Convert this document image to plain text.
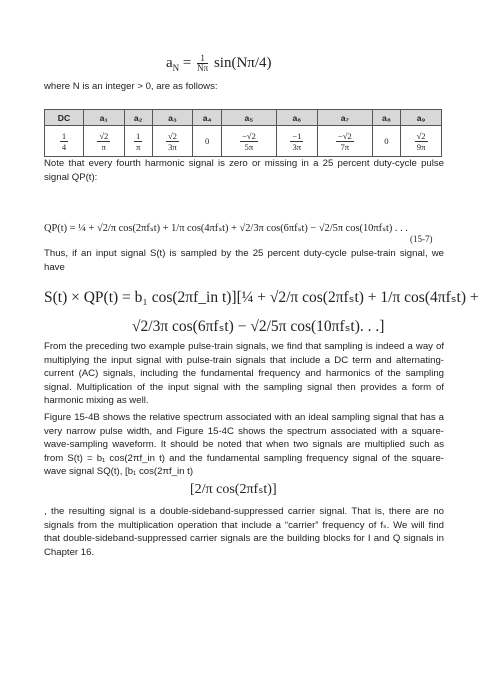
$a_N = \frac{1}{N\pi} \sin(N\pi/4)$
where N is an integer > 0, are as follows:
DC	a₁	a₂	a₃	a₄	a₅	a₆	a₇	a₈	a₉

$\frac{1}{4}$	$\frac{√2}{\pi}$	$\frac{1}{\pi}$	$\frac{√2}{3\pi}$	0	$\frac{-√2}{5\pi}$	$\frac{-1}{3\pi}$	$\frac{-√2}{7\pi}$	0	$\frac{√2}{9\pi}$
Note that every fourth harmonic signal is zero or missing in a 25 percent duty-cycle pulse signal QP(t):
QP(t) = ¼ + √2/π cos(2πfₛt) + 1/π cos(4πfₛt) + √2/3π cos(6πfₛt) − √2/5π cos(10πfₛt) . . .
(15-7)
Thus, if an input signal S(t) is sampled by the 25 percent duty-cycle pulse-train signal, we have
S(t) × QP(t) = b₁ cos(2πf_in t)][¼ + √2/π cos(2πfₛt) + 1/π cos(4πfₛt) +
√2/3π cos(6πfₛt) − √2/5π cos(10πfₛt). . .]
From the preceding two example pulse-train signals, we find that sampling is indeed a way of multiplying the input signal with pulse-train signals that include a DC term and alternating-current (AC) signals, including the fundamental frequency and harmonics of the sampling signal. Multiplication of the input signal with the sampling signal then provides a form of harmonic mixing as well.
Figure 15-4B shows the relative spectrum associated with an ideal sampling signal that has a very narrow pulse width, and Figure 15-4C shows the spectrum associated with a square-wave-sampling waveform. It should be noted that when two signals are multiplied such as from S(t) = b₁ cos(2πf_in t) and the fundamental sampling frequency signal of the square-wave signal SQ(t), [b₁ cos(2πf_in t)
[2/π cos(2πfₛt)]
, the resulting signal is a double-sideband-suppressed carrier signal. That is, there are no signals from the multiplication operation that include a “carrier” frequency of fₛ. We will find that double-sideband-suppressed carrier signals are the building blocks for I and Q signals in Chapter 16.
